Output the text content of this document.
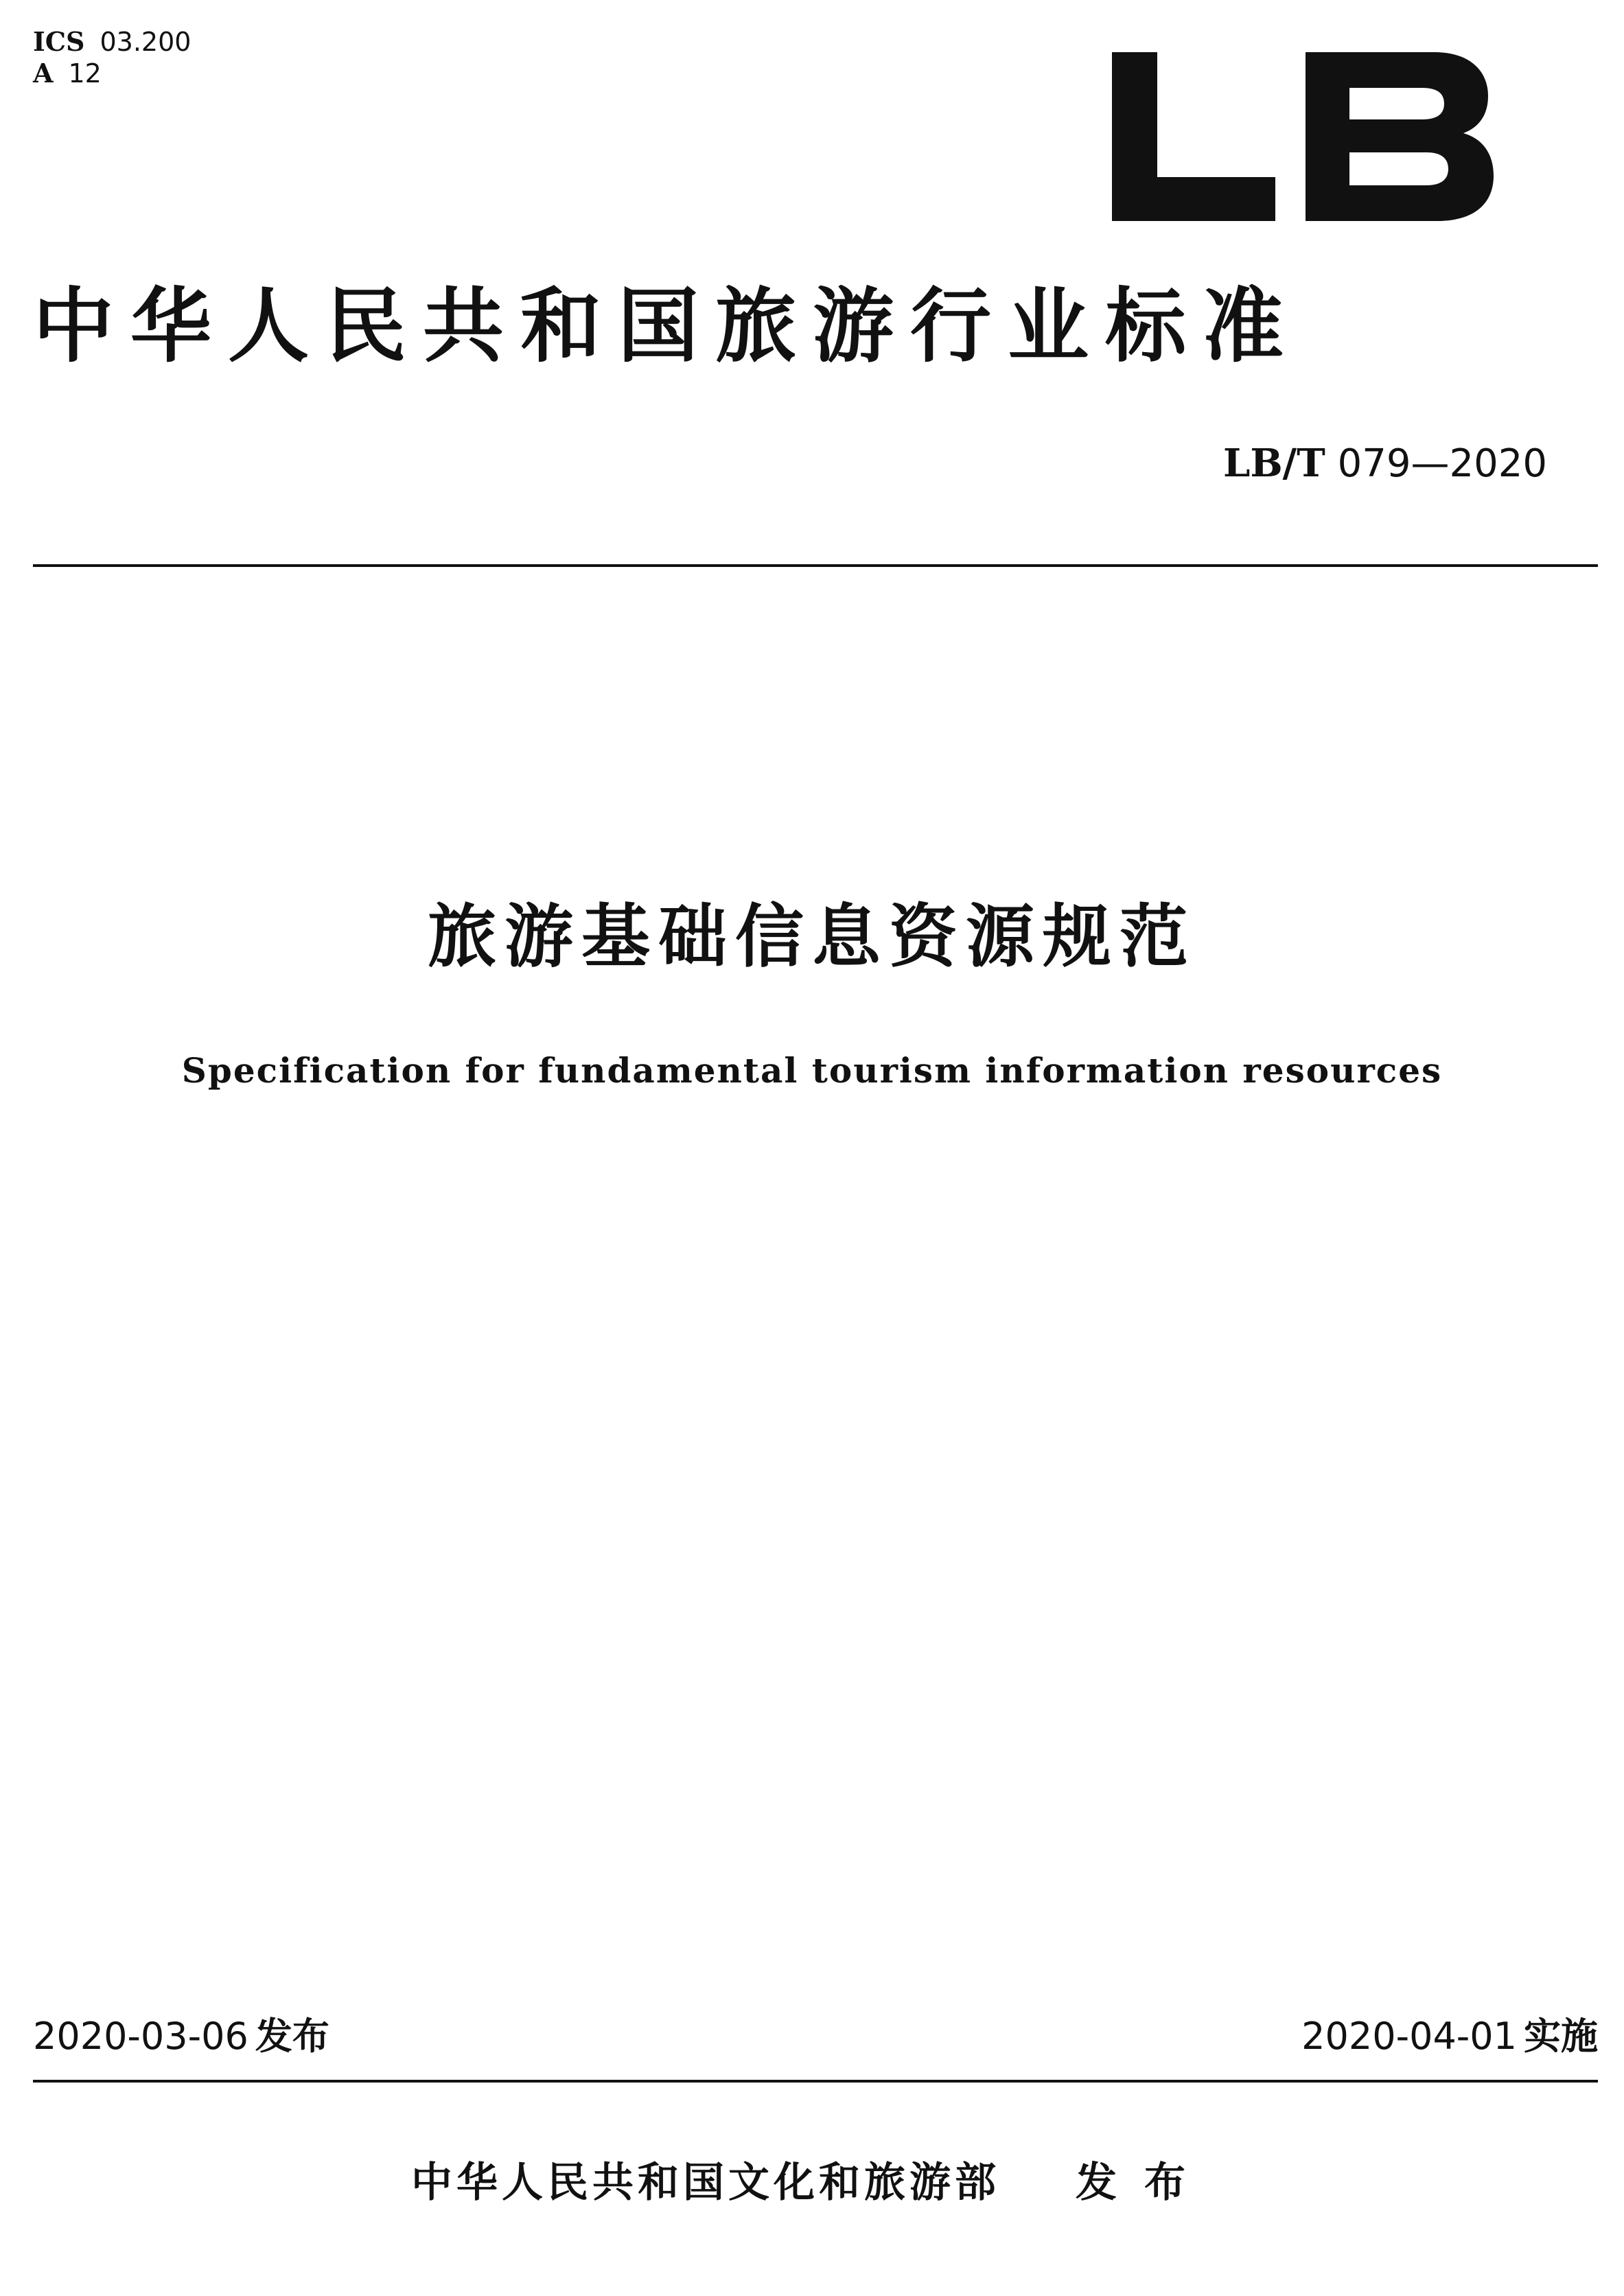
ICS 03.200
A 12
中华人民共和国旅游行业标准
LB/T 079—2020
旅游基础信息资源规范
Specification for fundamental tourism information resources
2020-03-06 发布	2020-04-01 实施
中华人民共和国文化和旅游部 发布
